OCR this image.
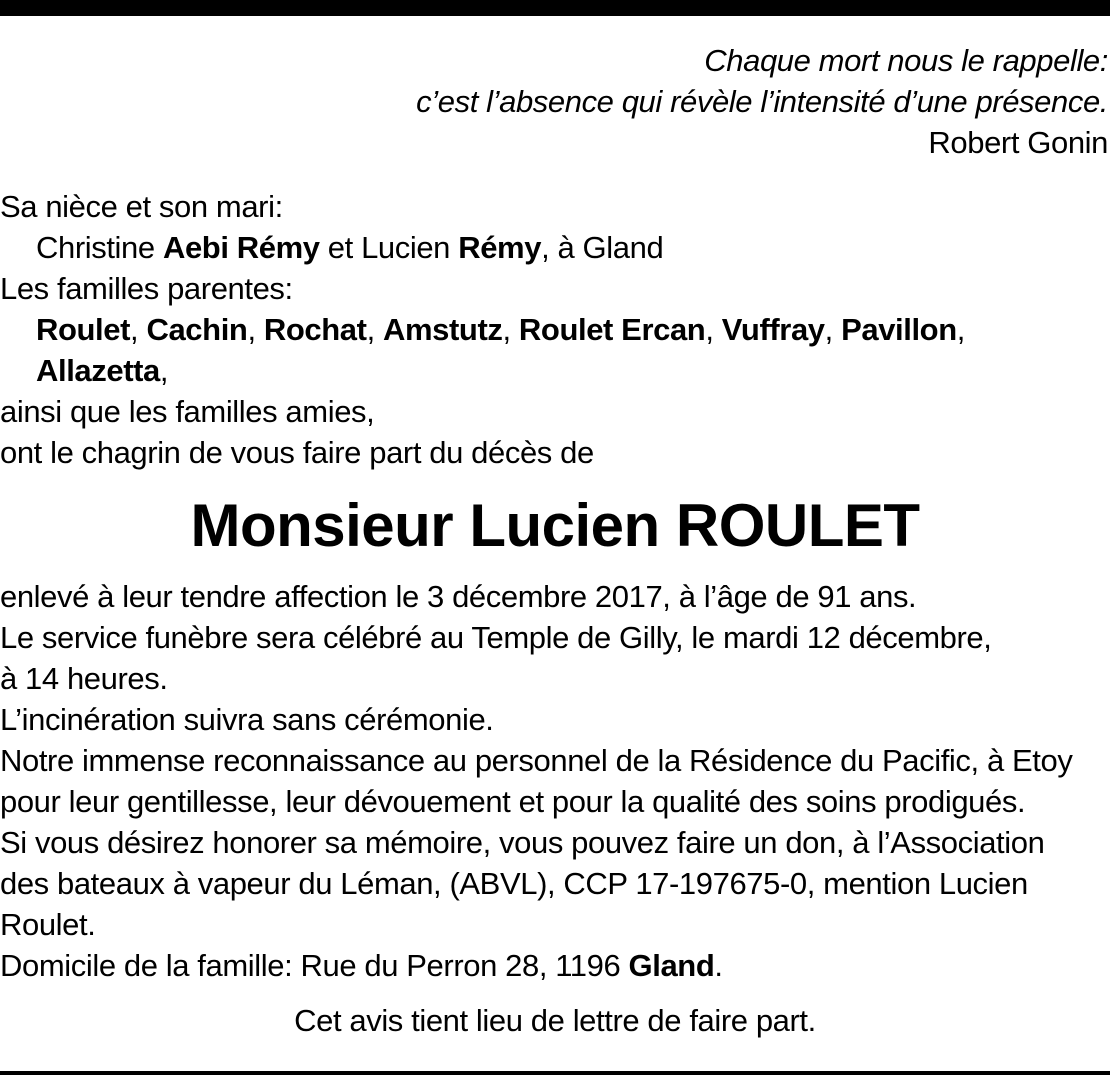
Chaque mort nous le rappelle:
c’est l’absence qui révèle l’intensité d’une présence.
Robert Gonin
Sa nièce et son mari:
Christine Aebi Rémy et Lucien Rémy, à Gland
Les familles parentes:
Roulet, Cachin, Rochat, Amstutz, Roulet Ercan, Vuffray, Pavillon,
Allazetta,
ainsi que les familles amies,
ont le chagrin de vous faire part du décès de
Monsieur Lucien ROULET
enlevé à leur tendre affection le 3 décembre 2017, à l’âge de 91 ans.
Le service funèbre sera célébré au Temple de Gilly, le mardi 12 décembre,
à 14 heures.
L’incinération suivra sans cérémonie.
Notre immense reconnaissance au personnel de la Résidence du Pacific, à Etoy
pour leur gentillesse, leur dévouement et pour la qualité des soins prodigués.
Si vous désirez honorer sa mémoire, vous pouvez faire un don, à l’Association
des bateaux à vapeur du Léman, (ABVL), CCP 17-197675-0, mention Lucien
Roulet.
Domicile de la famille: Rue du Perron 28, 1196 Gland.
Cet avis tient lieu de lettre de faire part.
